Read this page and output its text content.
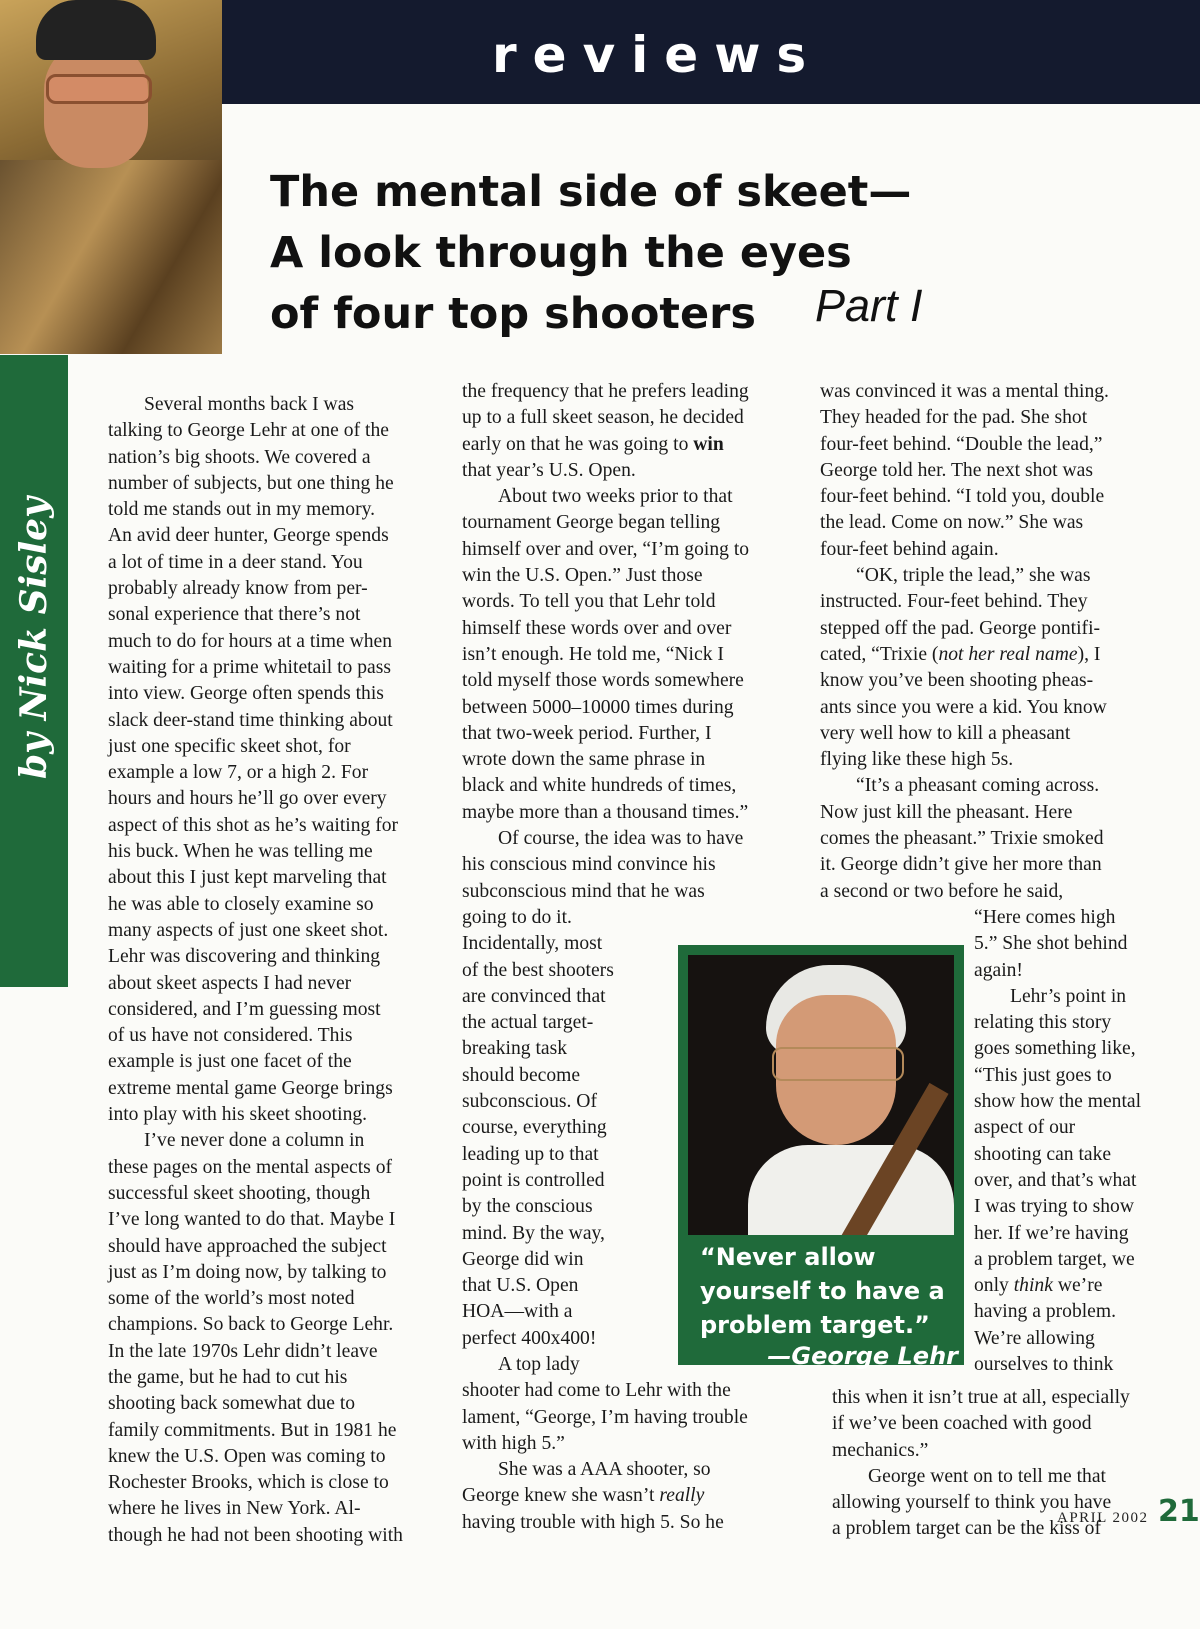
reviews
The mental side of skeet—
A look through the eyes
of four top shooters	Part I
by Nick Sisley

Several months back I was

talking to George Lehr at one of the

nation’s big shoots. We covered a

number of subjects, but one thing he

told me stands out in my memory.

An avid deer hunter, George spends

a lot of time in a deer stand. You

probably already know from per-

sonal experience that there’s not

much to do for hours at a time when

waiting for a prime whitetail to pass

into view. George often spends this

slack deer-stand time thinking about

just one specific skeet shot, for

example a low 7, or a high 2. For

hours and hours he’ll go over every

aspect of this shot as he’s waiting for

his buck. When he was telling me

about this I just kept marveling that

he was able to closely examine so

many aspects of just one skeet shot.

Lehr was discovering and thinking

about skeet aspects I had never

considered, and I’m guessing most

of us have not considered. This

example is just one facet of the

extreme mental game George brings

into play with his skeet shooting.

I’ve never done a column in

these pages on the mental aspects of

successful skeet shooting, though

I’ve long wanted to do that. Maybe I

should have approached the subject

just as I’m doing now, by talking to

some of the world’s most noted

champions. So back to George Lehr.

In the late 1970s Lehr didn’t leave

the game, but he had to cut his

shooting back somewhat due to

family commitments. But in 1981 he

knew the U.S. Open was coming to

Rochester Brooks, which is close to

where he lives in New York. Al-

though he had not been shooting with

the frequency that he prefers leading

up to a full skeet season, he decided

early on that he was going to win

that year’s U.S. Open.

About two weeks prior to that

tournament George began telling

himself over and over, “I’m going to

win the U.S. Open.” Just those

words. To tell you that Lehr told

himself these words over and over

isn’t enough. He told me, “Nick I

told myself those words somewhere

between 5000–10000 times during

that two-week period. Further, I

wrote down the same phrase in

black and white hundreds of times,

maybe more than a thousand times.”

Of course, the idea was to have

his conscious mind convince his

subconscious mind that he was

going to do it.

Incidentally, most

of the best shooters

are convinced that

the actual target-

breaking task

should become

subconscious. Of

course, everything

leading up to that

point is controlled

by the conscious

mind. By the way,

George did win

that U.S. Open

HOA—with a

perfect 400x400!

A top lady

shooter had come to Lehr with the

lament, “George, I’m having trouble

with high 5.”

She was a AAA shooter, so

George knew she wasn’t really

having trouble with high 5. So he

was convinced it was a mental thing.

They headed for the pad. She shot

four-feet behind. “Double the lead,”

George told her. The next shot was

four-feet behind. “I told you, double

the lead. Come on now.” She was

four-feet behind again.

“OK, triple the lead,” she was

instructed. Four-feet behind. They

stepped off the pad. George pontifi-

cated, “Trixie (not her real name), I

know you’ve been shooting pheas-

ants since you were a kid. You know

very well how to kill a pheasant

flying like these high 5s.

“It’s a pheasant coming across.

Now just kill the pheasant. Here

comes the pheasant.” Trixie smoked

it. George didn’t give her more than

a second or two before he said,

“Here comes high

5.” She shot behind

again!

Lehr’s point in

relating this story

goes something like,

“This just goes to

show how the mental

aspect of our

shooting can take

over, and that’s what

I was trying to show

her. If we’re having

a problem target, we

only think we’re

having a problem.

We’re allowing

ourselves to think

this when it isn’t true at all, especially

if we’ve been coached with good

mechanics.”

George went on to tell me that

allowing yourself to think you have

a problem target can be the kiss of

“Never allow yourself to have a problem target.”

—George Lehr
APRIL 2002 21
